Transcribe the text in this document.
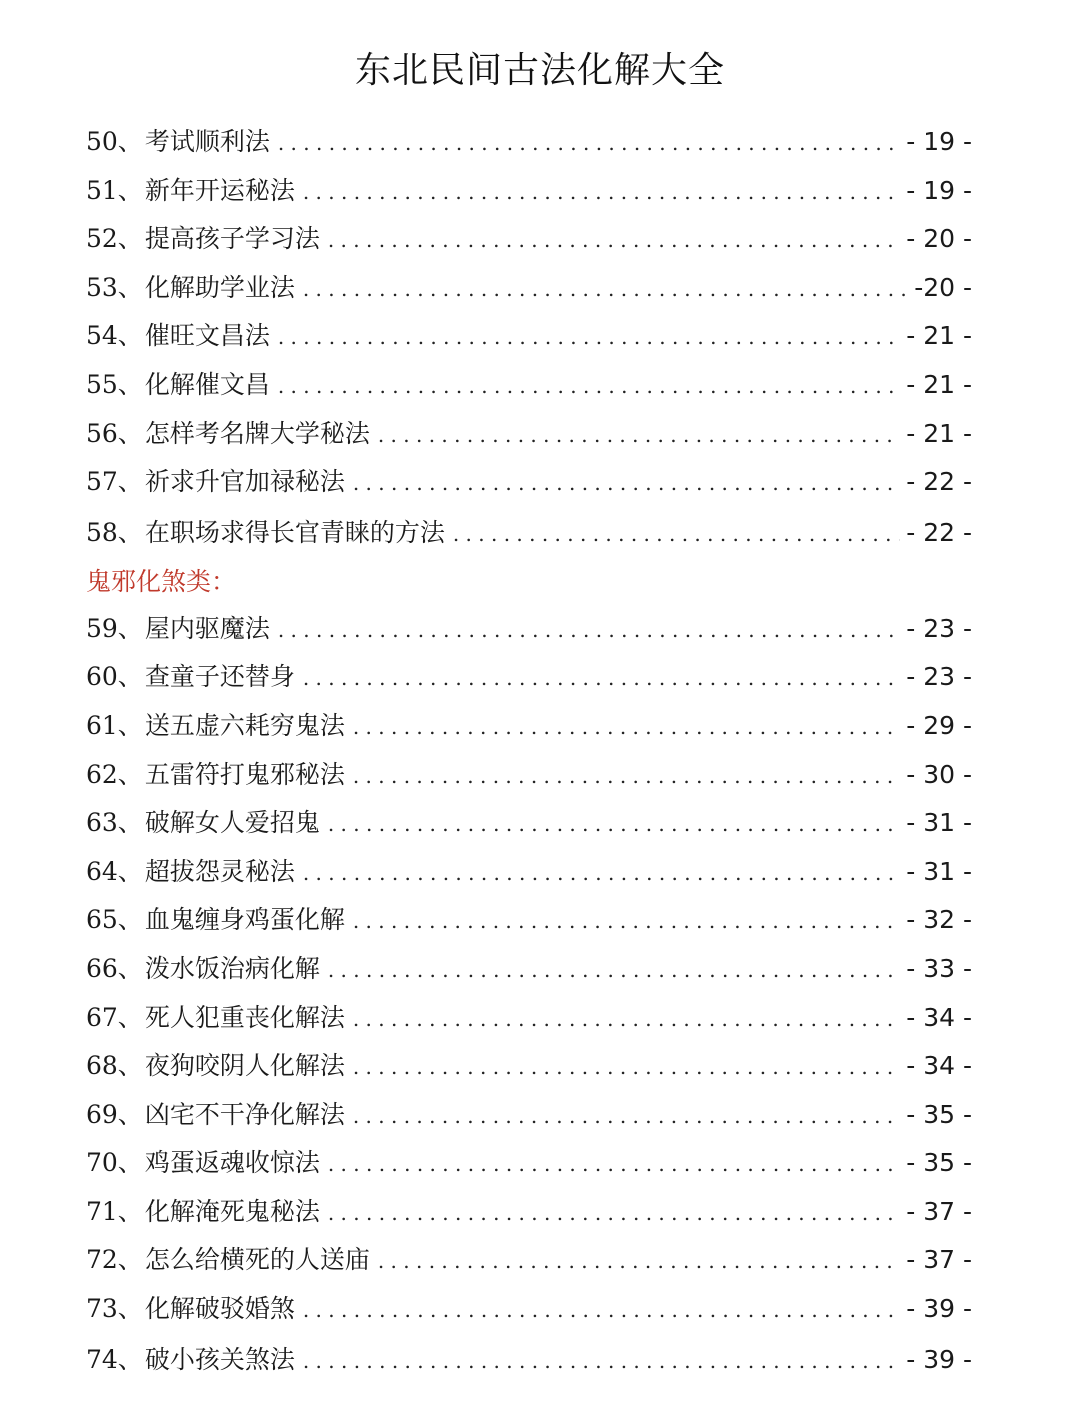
东北民间古法化解大全
50、 考试顺利法 . . .	- 19 -
51、 新年开运秘法 . . .	- 19 -
52、 提高孩子学习法 . . .	- 20 -
53、 化解助学业法 . . .	-20 -
54、 催旺文昌法 . . .	- 21 -
55、 化解催文昌 . . .	- 21 -
56、 怎样考名牌大学秘法 . . .	- 21 -
57、 祈求升官加禄秘法 . . .	- 22 -
58、 在职场求得长官青睐的方法 . . .	- 22 -
鬼邪化煞类：
59、 屋内驱魔法 . . .	- 23 -
60、 查童子还替身 . . .	- 23 -
61、 送五虚六耗穷鬼法 . . .	- 29 -
62、 五雷符打鬼邪秘法 . . .	- 30 -
63、 破解女人爱招鬼 . . .	- 31 -
64、 超拔怨灵秘法 . . .	- 31 -
65、 血鬼缠身鸡蛋化解 . . .	- 32 -
66、 泼水饭治病化解 . . .	- 33 -
67、 死人犯重丧化解法 . . .	- 34 -
68、 夜狗咬阴人化解法 . . .	- 34 -
69、 凶宅不干净化解法 . . .	- 35 -
70、 鸡蛋返魂收惊法 . . .	- 35 -
71、 化解淹死鬼秘法 . . .	- 37 -
72、 怎么给横死的人送庙 . . .	- 37 -
73、 化解破驳婚煞 . . .	- 39 -
74、 破小孩关煞法 . . .	- 39 -
